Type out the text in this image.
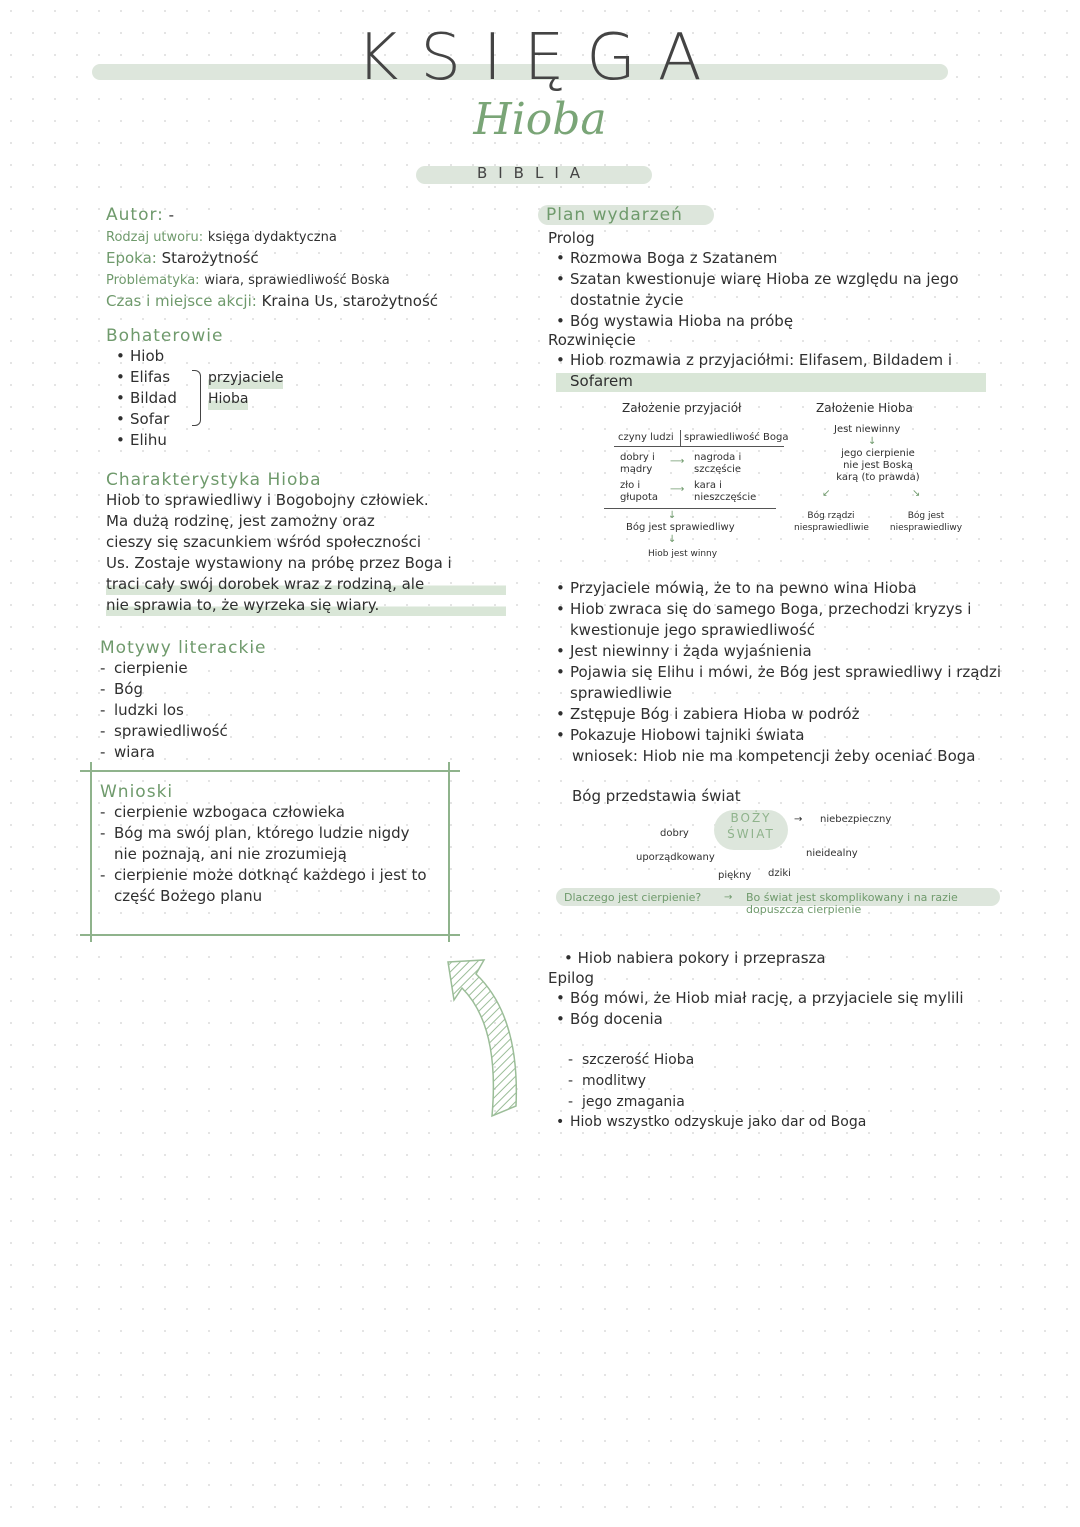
KSIĘGA
Hioba
BIBLIA
Autor: -
Rodzaj utworu: księga dydaktyczna
Epoka: Starożytność
Problematyka: wiara, sprawiedliwość Boska
Czas i miejsce akcji: Kraina Us, starożytność
Bohaterowie
• Hiob
• Elifas
• Bildad
• Sofar
• Elihu
przyjaciele
Hioba
Charakterystyka Hioba
Hiob to sprawiedliwy i Bogobojny człowiek.
Ma dużą rodzinę, jest zamożny oraz
cieszy się szacunkiem wśród społeczności
Us. Zostaje wystawiony na próbę przez Boga i
traci cały swój dorobek wraz z rodziną, ale
nie sprawia to, że wyrzeka się wiary.
Motywy literackie
- cierpienie
- Bóg
- ludzki los
- sprawiedliwość
- wiara
Wnioski
- cierpienie wzbogaca człowieka
- Bóg ma swój plan, którego ludzie nigdy nie poznają, ani nie zrozumieją
- cierpienie może dotknąć każdego i jest to część Bożego planu
Plan wydarzeń
Prolog
• Rozmowa Boga z Szatanem
• Szatan kwestionuje wiarę Hioba ze względu na jego dostatnie życie
• Bóg wystawia Hioba na próbę
Rozwinięcie
• Hiob rozmawia z przyjaciółmi: Elifasem, Bildadem i Sofarem
Założenie przyjaciół
czyny ludzi sprawiedliwość Boga
dobry i mądry
⟶ nagroda i szczęście
zło i głupota
⟶ kara i nieszczęście
↓
Bóg jest sprawiedliwy
↓
Hiob jest winny
Założenie Hioba
Jest niewinny
↓
jego cierpienie nie jest Boską karą (to prawda)
↙	↘
Bóg rządzi niesprawiedliwie
Bóg jest niesprawiedliwy
• Przyjaciele mówią, że to na pewno wina Hioba
• Hiob zwraca się do samego Boga, przechodzi kryzys i kwestionuje jego sprawiedliwość
• Jest niewinny i żąda wyjaśnienia
• Pojawia się Elihu i mówi, że Bóg jest sprawiedliwy i rządzi sprawiedliwie
• Zstępuje Bóg i zabiera Hioba w podróż
• Pokazuje Hiobowi tajniki świata
wniosek: Hiob nie ma kompetencji żeby oceniać Boga
Bóg przedstawia świat
BOŻY
ŚWIAT
dobry
→ niebezpieczny
uporządkowany	nieidealny
piękny dziki
Dlaczego jest cierpienie? → Bo świat jest skomplikowany i na razie dopuszcza cierpienie
• Hiob nabiera pokory i przeprasza
Epilog
• Bóg mówi, że Hiob miał rację, a przyjaciele się mylili
• Bóg docenia
- szczerość Hioba
- modlitwy
- jego zmagania
• Hiob wszystko odzyskuje jako dar od Boga
